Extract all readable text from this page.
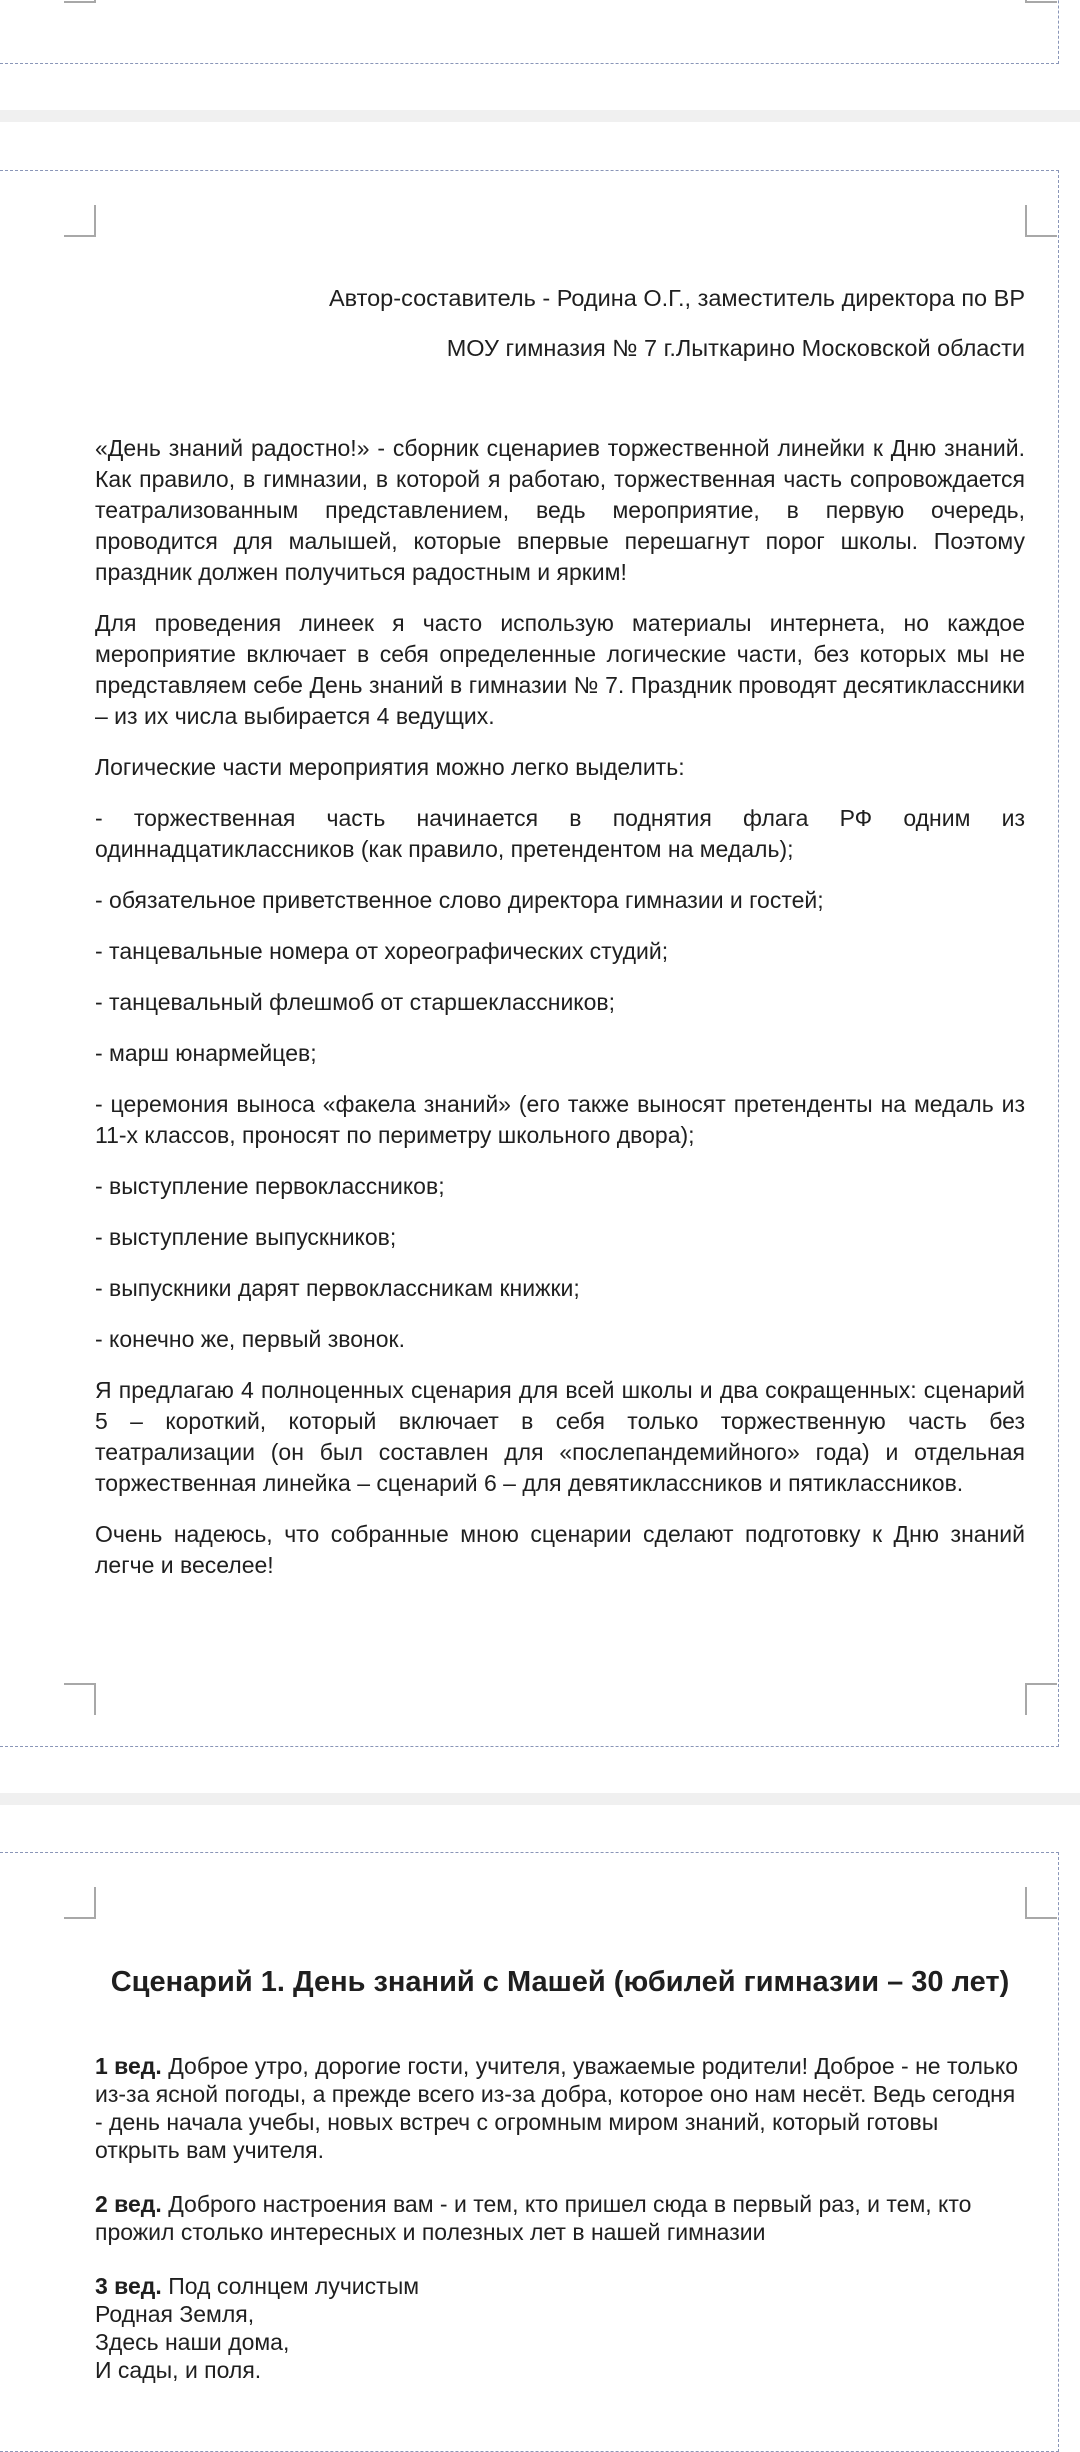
Автор-составитель - Родина О.Г., заместитель директора по ВР
МОУ гимназия № 7 г.Лыткарино Московской области

«День знаний радостно!» - сборник сценариев торжественной линейки к Дню знаний. Как правило, в гимназии, в которой я работаю, торжественная часть сопровождается театрализованным представлением, ведь мероприятие, в первую очередь, проводится для малышей, которые впервые перешагнут порог школы. Поэтому праздник должен получиться радостным и ярким!

Для проведения линеек я часто использую материалы интернета, но каждое мероприятие включает в себя определенные логические части, без которых мы не представляем себе День знаний в гимназии № 7. Праздник проводят десятиклассники – из их числа выбирается 4 ведущих.

Логические части мероприятия можно легко выделить:

- торжественная часть начинается в поднятия флага РФ одним из одиннадцатиклассников (как правило, претендентом на медаль);

- обязательное приветственное слово директора гимназии и гостей;

- танцевальные номера от хореографических студий;

- танцевальный флешмоб от старшеклассников;

- марш юнармейцев;

- церемония выноса «факела знаний» (его также выносят претенденты на медаль из 11-х классов, проносят по периметру школьного двора);

- выступление первоклассников;

- выступление выпускников;

- выпускники дарят первоклассникам книжки;

- конечно же, первый звонок.

Я предлагаю 4 полноценных сценария для всей школы и два сокращенных: сценарий 5 – короткий, который включает в себя только торжественную часть без театрализации (он был составлен для «послепандемийного» года) и отдельная торжественная линейка – сценарий 6 – для девятиклассников и пятиклассников.

Очень надеюсь, что собранные мною сценарии сделают подготовку к Дню знаний легче и веселее!

Сценарий 1. День знаний с Машей (юбилей гимназии – 30 лет)

1 вед. Доброе утро, дорогие гости, учителя, уважаемые родители! Доброе - не только из-за ясной погоды, а прежде всего из-за добра, которое оно нам несёт. Ведь сегодня - день начала учебы, новых встреч с огромным миром знаний, который готовы открыть вам учителя.

2 вед. Доброго настроения вам - и тем, кто пришел сюда в первый раз, и тем, кто прожил столько интересных и полезных лет в нашей гимназии

3 вед. Под солнцем лучистым
Родная Земля,
Здесь наши дома,
И сады, и поля.
